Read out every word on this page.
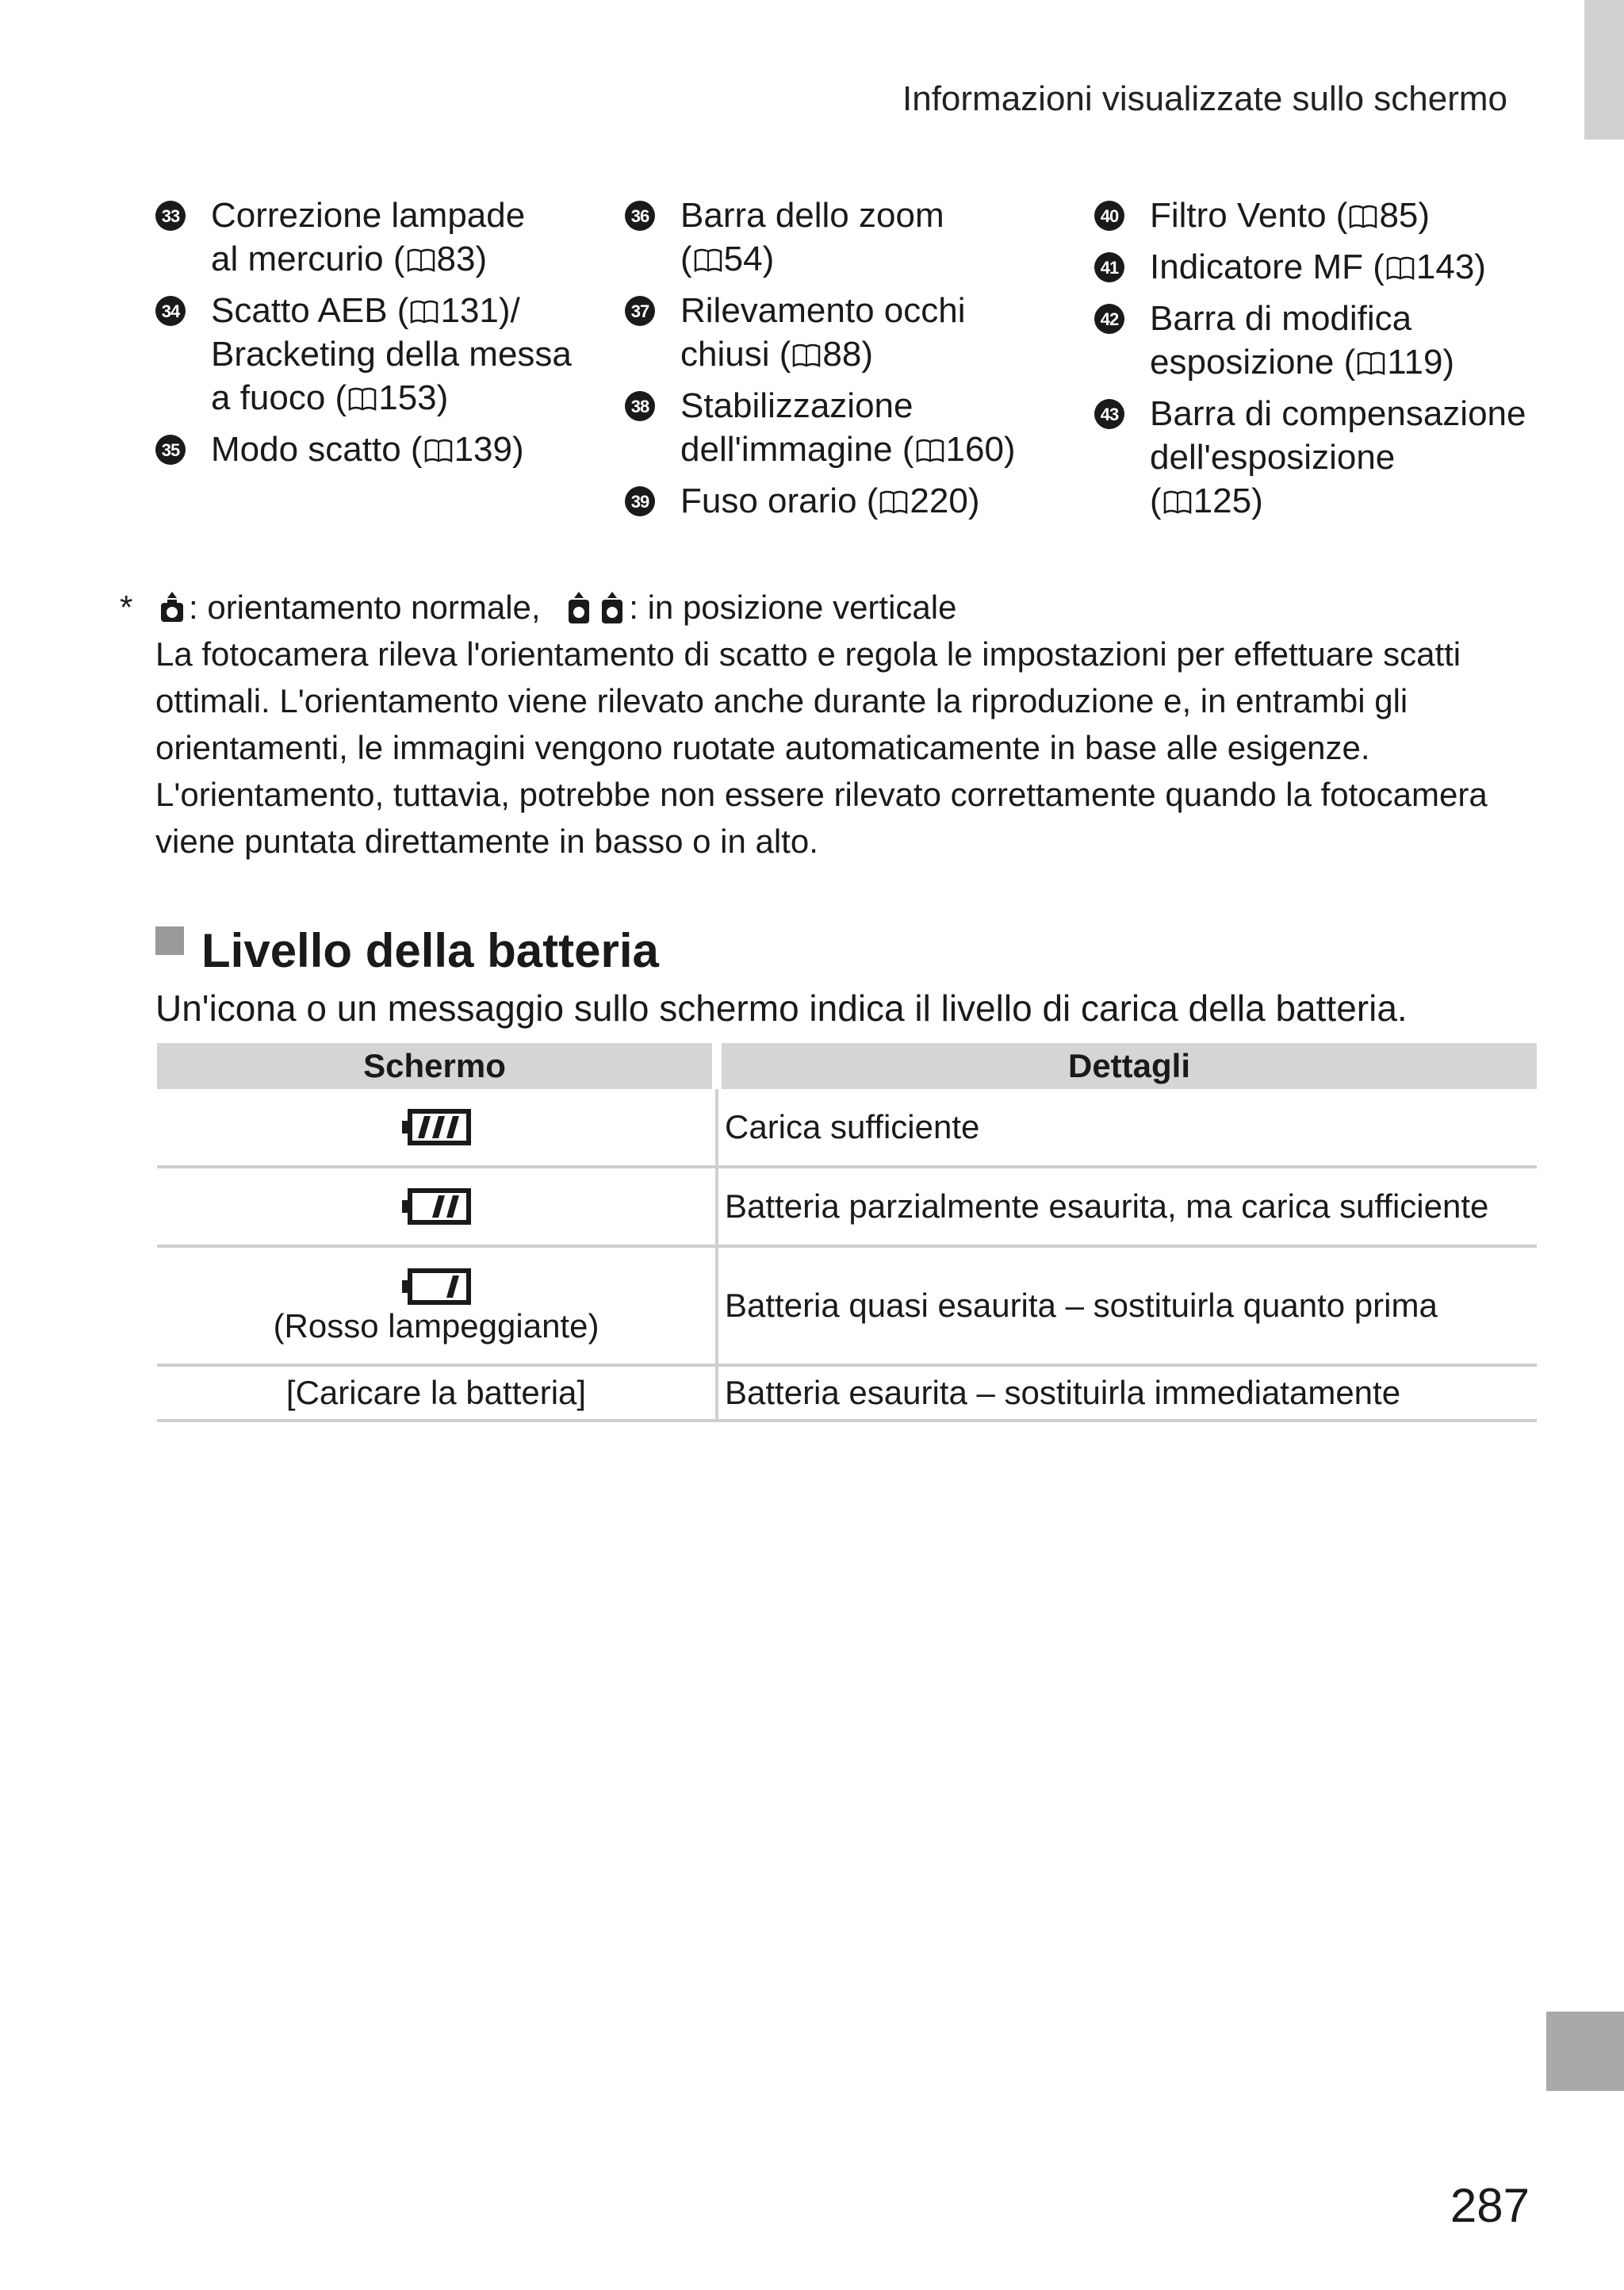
Informazioni visualizzate sullo schermo
33 Correzione lampade
al mercurio ( 83)
34 Scatto AEB ( 131)/
Bracketing della messa
a fuoco ( 153)
35 Modo scatto ( 139)
36 Barra dello zoom
( 54)
37 Rilevamento occhi
chiusi ( 88)
38 Stabilizzazione
dell'immagine ( 160)
39 Fuso orario ( 220)
40 Filtro Vento ( 85)
41 Indicatore MF ( 143)
42 Barra di modifica
esposizione ( 119)
43 Barra di compensazione
dell'esposizione
( 125)
*	: orientamento normale,	: in posizione verticale

La fotocamera rileva l'orientamento di scatto e regola le impostazioni per effettuare scatti ottimali. L'orientamento viene rilevato anche durante la riproduzione e, in entrambi gli orientamenti, le immagini vengono ruotate automaticamente in base alle esigenze.

L'orientamento, tuttavia, potrebbe non essere rilevato correttamente quando la fotocamera viene puntata direttamente in basso o in alto.

Livello della batteria
Un'icona o un messaggio sullo schermo indica il livello di carica della batteria.
Schermo	Dettagli

	Carica sufficiente

	Batteria parzialmente esaurita, ma carica sufficiente

(Rosso lampeggiante)	Batteria quasi esaurita – sostituirla quanto prima

[Caricare la batteria]	Batteria esaurita – sostituirla immediatamente
287
